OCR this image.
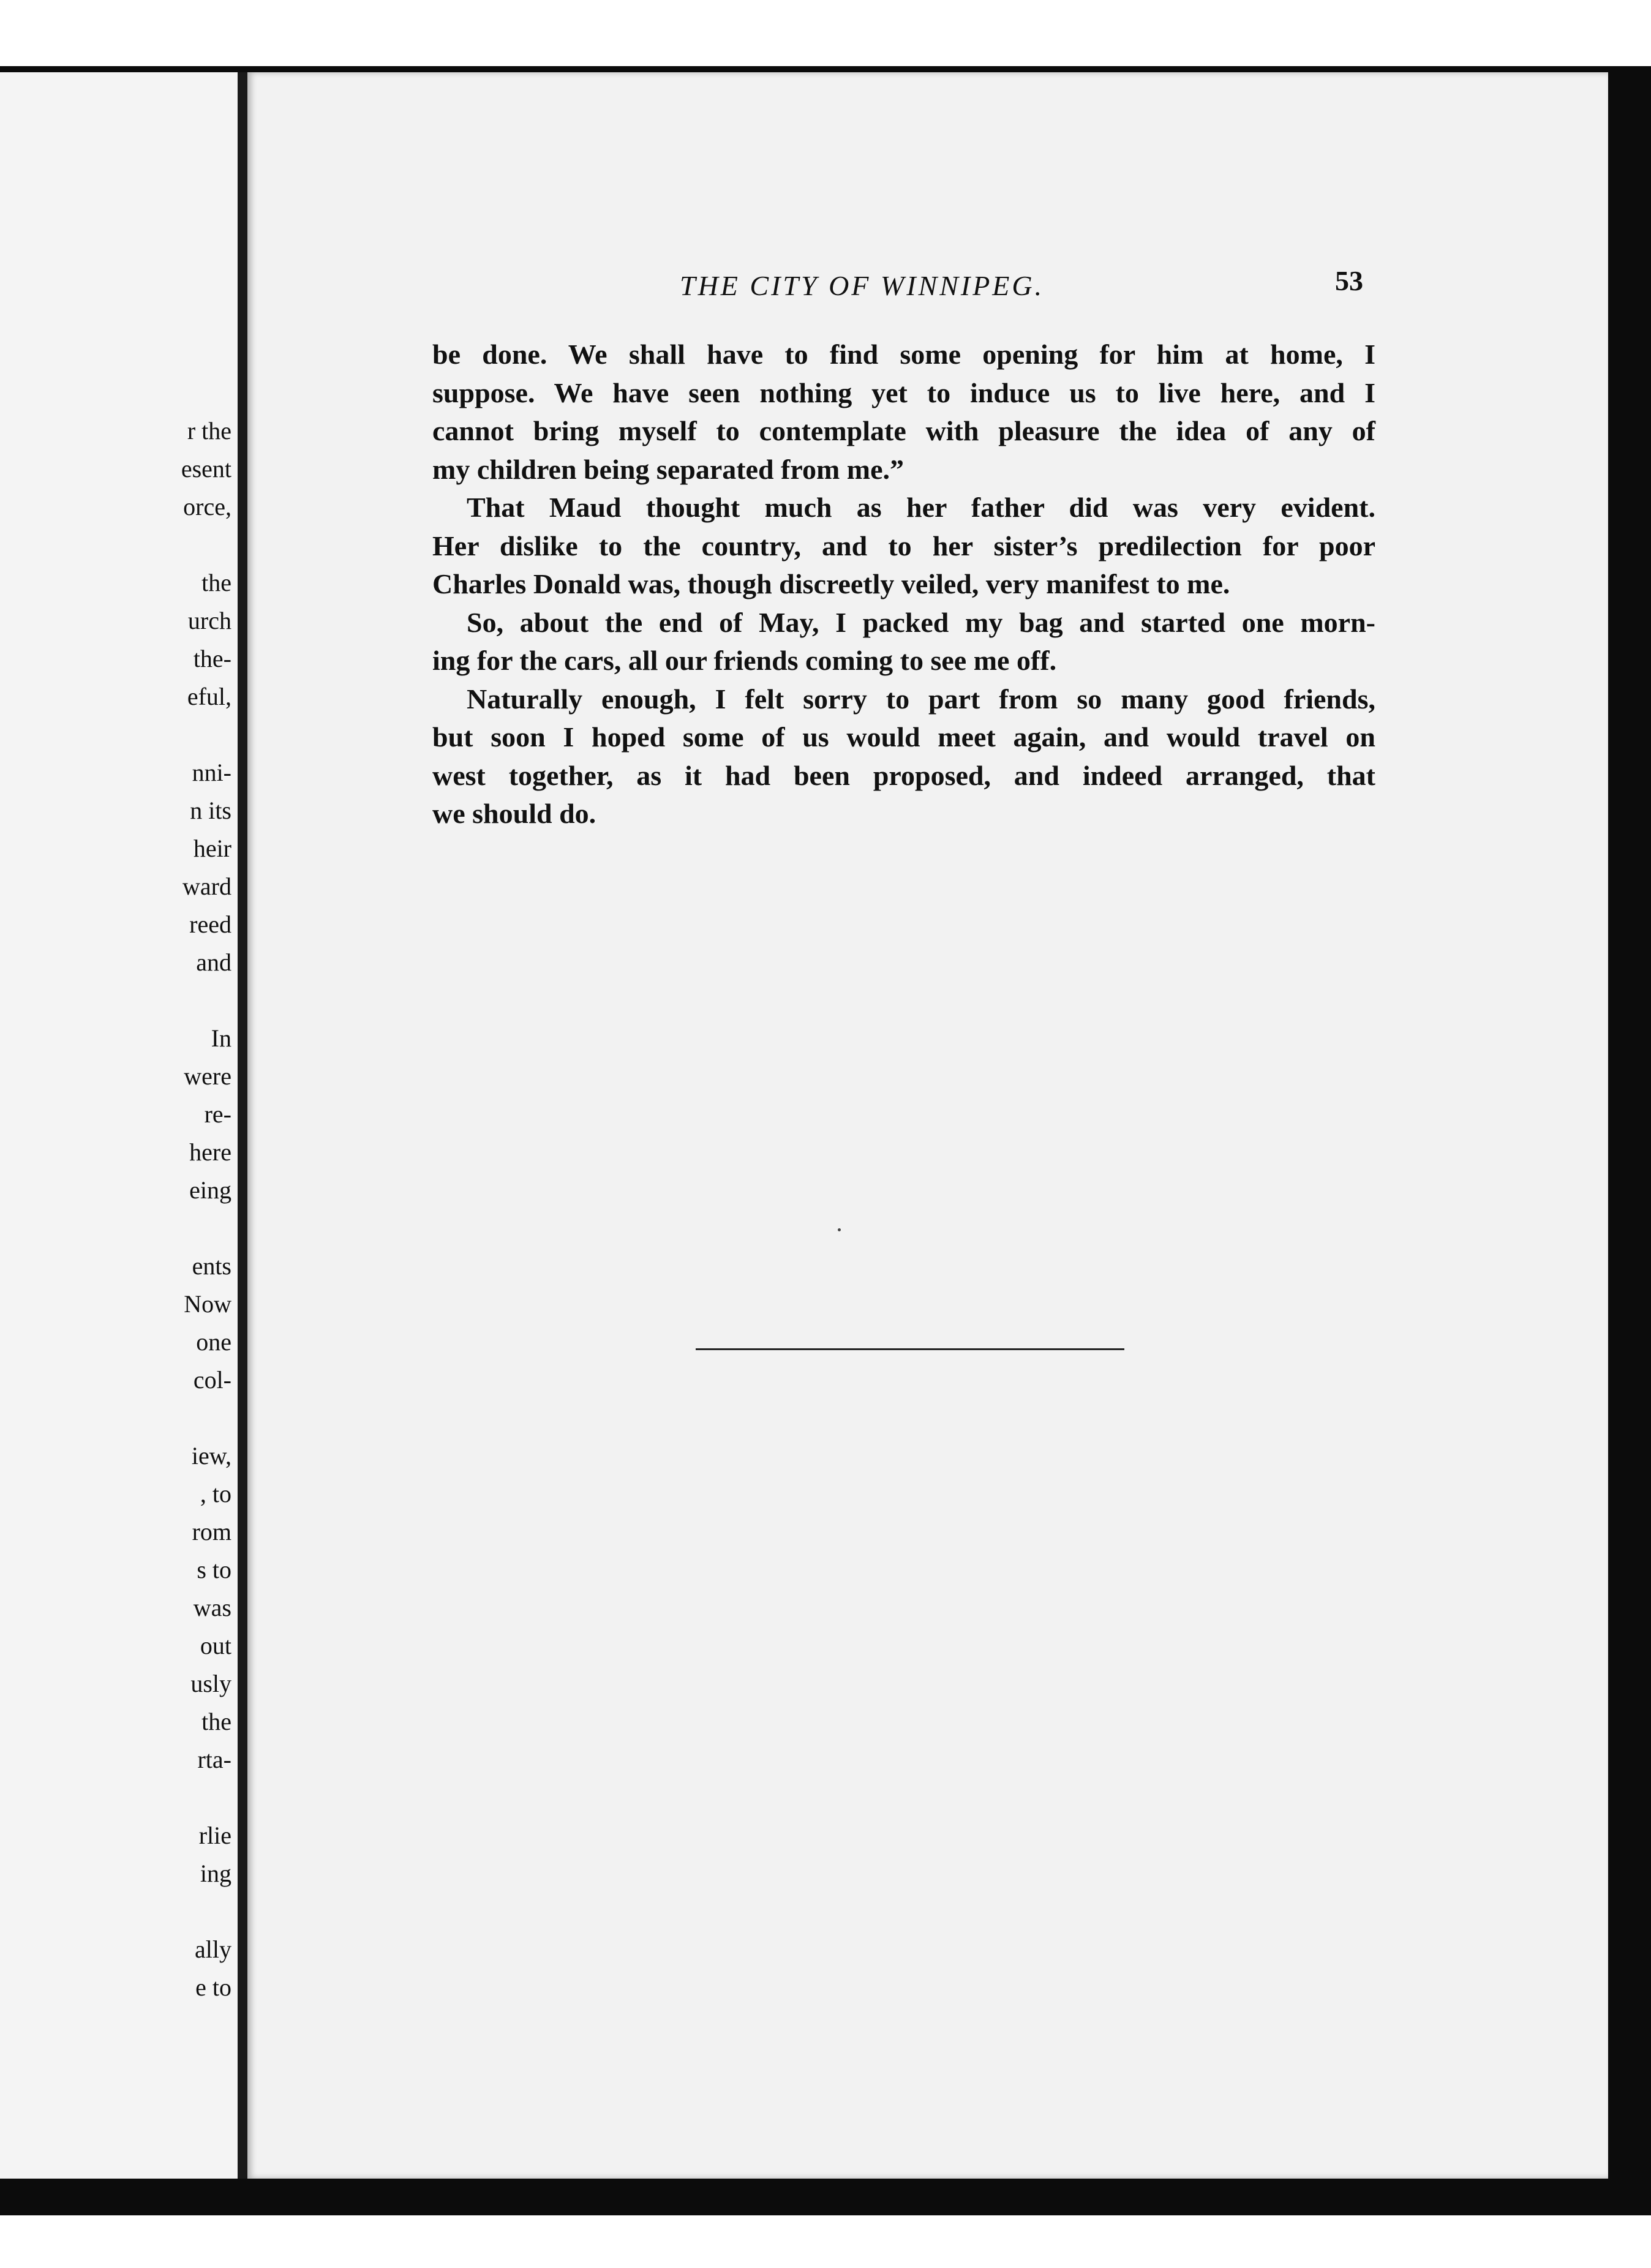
r the
esent
orce,
the
urch
the-
eful,
nni-
n its
heir
ward
reed
and
In
were
re-
here
eing
ents
Now
one
col-
iew,
, to
rom
s to
was
out
usly
the
rta-
rlie
ing
ally
e to
THE CITY OF WINNIPEG.	53
be done. We shall have to find some opening for him at home, I
suppose. We have seen nothing yet to induce us to live here, and I
cannot bring myself to contemplate with pleasure the idea of any of
my children being separated from me.”
That Maud thought much as her father did was very evident.
Her dislike to the country, and to her sister’s predilection for poor
Charles Donald was, though discreetly veiled, very manifest to me.
So, about the end of May, I packed my bag and started one morn-
ing for the cars, all our friends coming to see me off.
Naturally enough, I felt sorry to part from so many good friends,
but soon I hoped some of us would meet again, and would travel on
west together, as it had been proposed, and indeed arranged, that
we should do.
